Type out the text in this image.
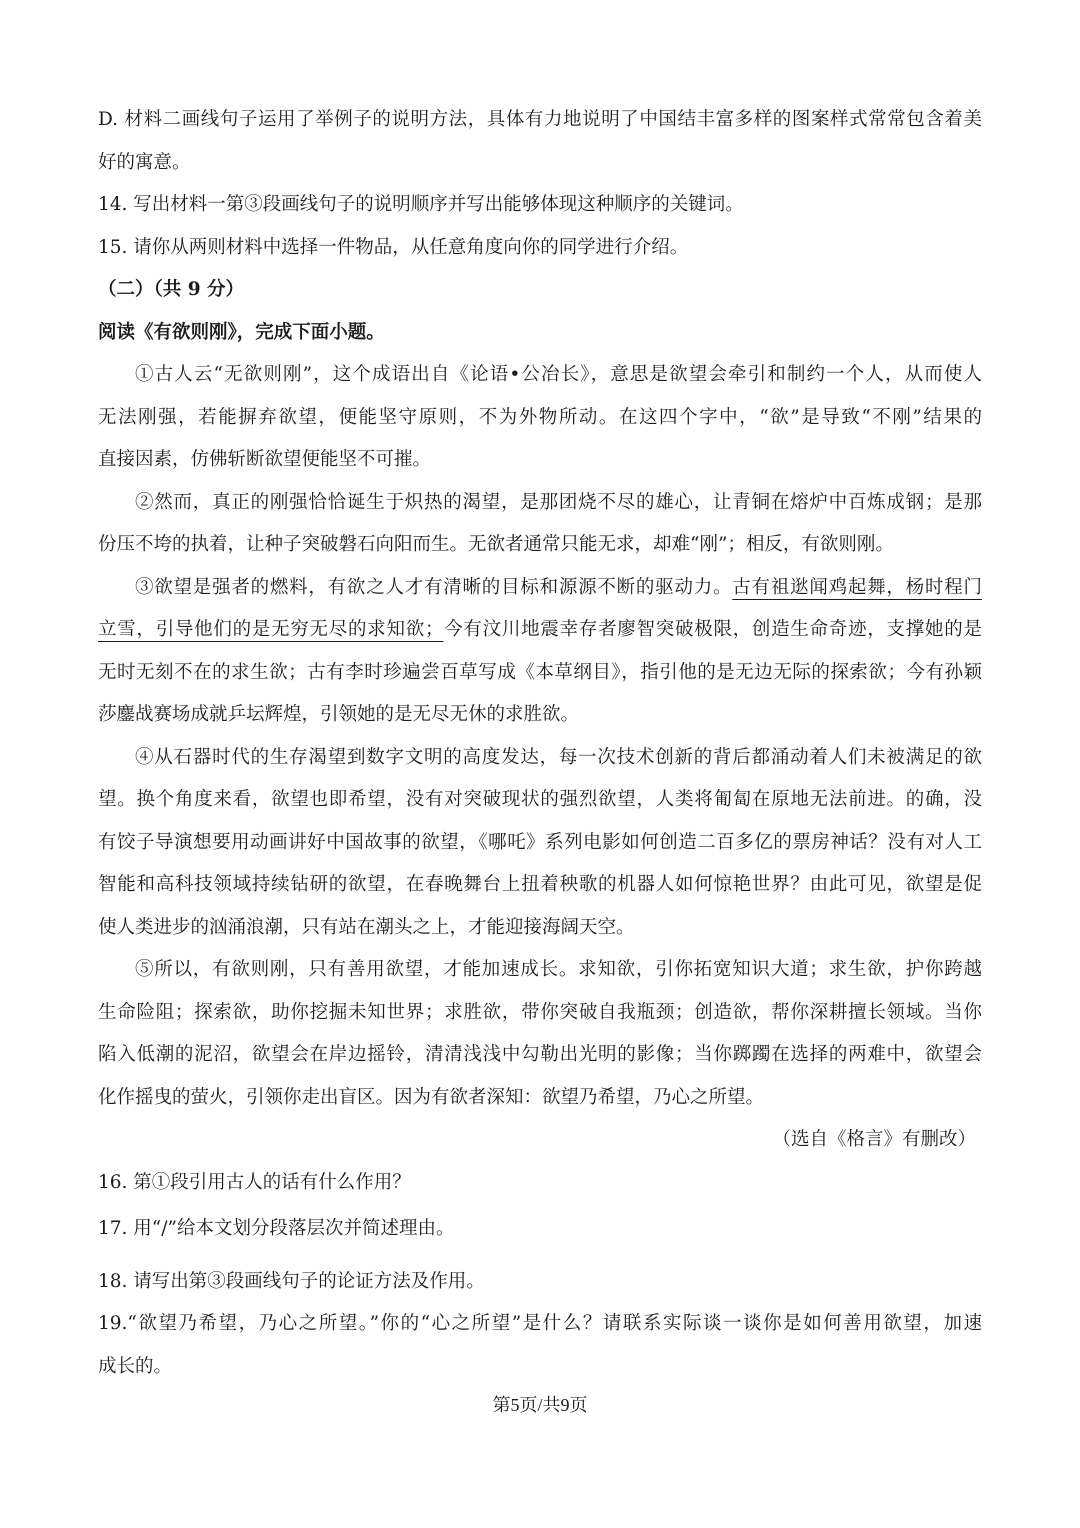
D. 材料二画线句子运用了举例子的说明方法，具体有力地说明了中国结丰富多样的图案样式常常包含着美
好的寓意。
14. 写出材料一第③段画线句子的说明顺序并写出能够体现这种顺序的关键词。
15. 请你从两则材料中选择一件物品，从任意角度向你的同学进行介绍。
（二）（共 9 分）
阅读《有欲则刚》，完成下面小题。
①古人云“无欲则刚”，这个成语出自《论语•公冶长》，意思是欲望会牵引和制约一个人，从而使人
无法刚强，若能摒弃欲望，便能坚守原则，不为外物所动。在这四个字中，“欲”是导致“不刚”结果的
直接因素，仿佛斩断欲望便能坚不可摧。
②然而，真正的刚强恰恰诞生于炽热的渴望，是那团烧不尽的雄心，让青铜在熔炉中百炼成钢；是那
份压不垮的执着，让种子突破磐石向阳而生。无欲者通常只能无求，却难“刚”；相反，有欲则刚。
③欲望是强者的燃料，有欲之人才有清晰的目标和源源不断的驱动力。古有祖逖闻鸡起舞，杨时程门
立雪，引导他们的是无穷无尽的求知欲；今有汶川地震幸存者廖智突破极限，创造生命奇迹，支撑她的是
无时无刻不在的求生欲；古有李时珍遍尝百草写成《本草纲目》，指引他的是无边无际的探索欲；今有孙颖
莎鏖战赛场成就乒坛辉煌，引领她的是无尽无休的求胜欲。
④从石器时代的生存渴望到数字文明的高度发达，每一次技术创新的背后都涌动着人们未被满足的欲
望。换个角度来看，欲望也即希望，没有对突破现状的强烈欲望，人类将匍匐在原地无法前进。的确，没
有饺子导演想要用动画讲好中国故事的欲望，《哪吒》系列电影如何创造二百多亿的票房神话？没有对人工
智能和高科技领域持续钻研的欲望，在春晚舞台上扭着秧歌的机器人如何惊艳世界？由此可见，欲望是促
使人类进步的汹涌浪潮，只有站在潮头之上，才能迎接海阔天空。
⑤所以，有欲则刚，只有善用欲望，才能加速成长。求知欲，引你拓宽知识大道；求生欲，护你跨越
生命险阻；探索欲，助你挖掘未知世界；求胜欲，带你突破自我瓶颈；创造欲，帮你深耕擅长领域。当你
陷入低潮的泥沼，欲望会在岸边摇铃，清清浅浅中勾勒出光明的影像；当你踯躅在选择的两难中，欲望会
化作摇曳的萤火，引领你走出盲区。因为有欲者深知：欲望乃希望，乃心之所望。
（选自《格言》有删改）
16. 第①段引用古人的话有什么作用？
17. 用“/”给本文划分段落层次并简述理由。
18. 请写出第③段画线句子的论证方法及作用。
19.“欲望乃希望，乃心之所望。”你的“心之所望”是什么？请联系实际谈一谈你是如何善用欲望，加速
成长的。
第5页/共9页
